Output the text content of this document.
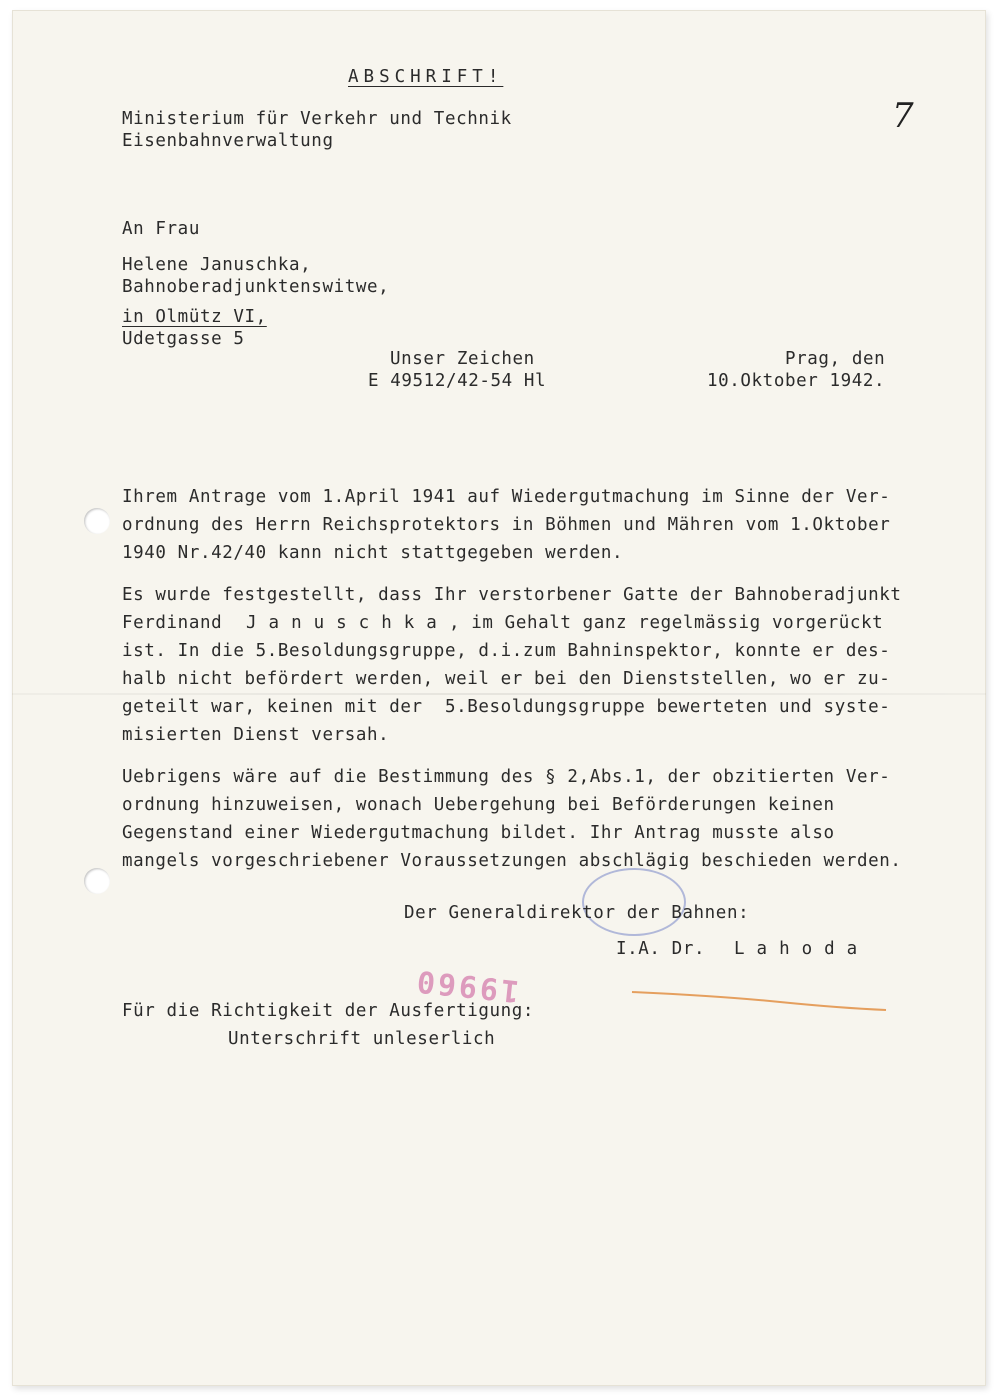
ABSCHRIFT!
7
Ministerium für Verkehr und Technik
Eisenbahnverwaltung
An Frau
Helene Januschka,
Bahnoberadjunktenswitwe,
in Olmütz VI,
Udetgasse 5
Unser Zeichen
E 49512/42-54 Hl
Prag, den
10.Oktober 1942.
Ihrem Antrage vom 1.April 1941 auf Wiedergutmachung im Sinne der Ver-
ordnung des Herrn Reichsprotektors in Böhmen und Mähren vom 1.Oktober
1940 Nr.42/40 kann nicht stattgegeben werden.
Es wurde festgestellt, dass Ihr verstorbener Gatte der Bahnoberadjunkt
Ferdinand Januschka , im Gehalt ganz regelmässig vorgerückt
ist. In die 5.Besoldungsgruppe, d.i.zum Bahninspektor, konnte er des-
halb nicht befördert werden, weil er bei den Dienststellen, wo er zu-
geteilt war, keinen mit der  5.Besoldungsgruppe bewerteten und syste-
misierten Dienst versah.
Uebrigens wäre auf die Bestimmung des § 2,Abs.1, der obzitierten Ver-
ordnung hinzuweisen, wonach Uebergehung bei Beförderungen keinen
Gegenstand einer Wiedergutmachung bildet. Ihr Antrag musste also
mangels vorgeschriebener Voraussetzungen abschlägig beschieden werden.
Der Generaldirektor der Bahnen:
I.A. Dr. Lahoda
19960
Für die Richtigkeit der Ausfertigung:
Unterschrift unleserlich
